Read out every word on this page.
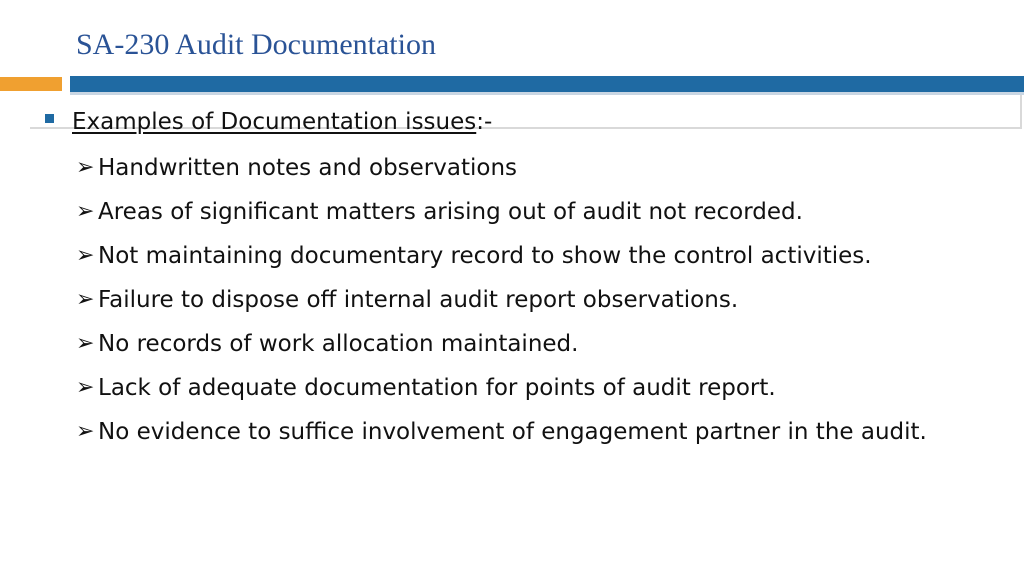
SA-230 Audit Documentation
Examples of Documentation issues:-
➢ Handwritten notes and observations
➢ Areas of significant matters arising out of audit not recorded.
➢ Not maintaining documentary record to show the control activities.
➢ Failure to dispose off internal audit report observations.
➢ No records of work allocation maintained.
➢ Lack of adequate documentation for points of audit report.
➢ No evidence to suffice involvement of engagement partner in the audit.
